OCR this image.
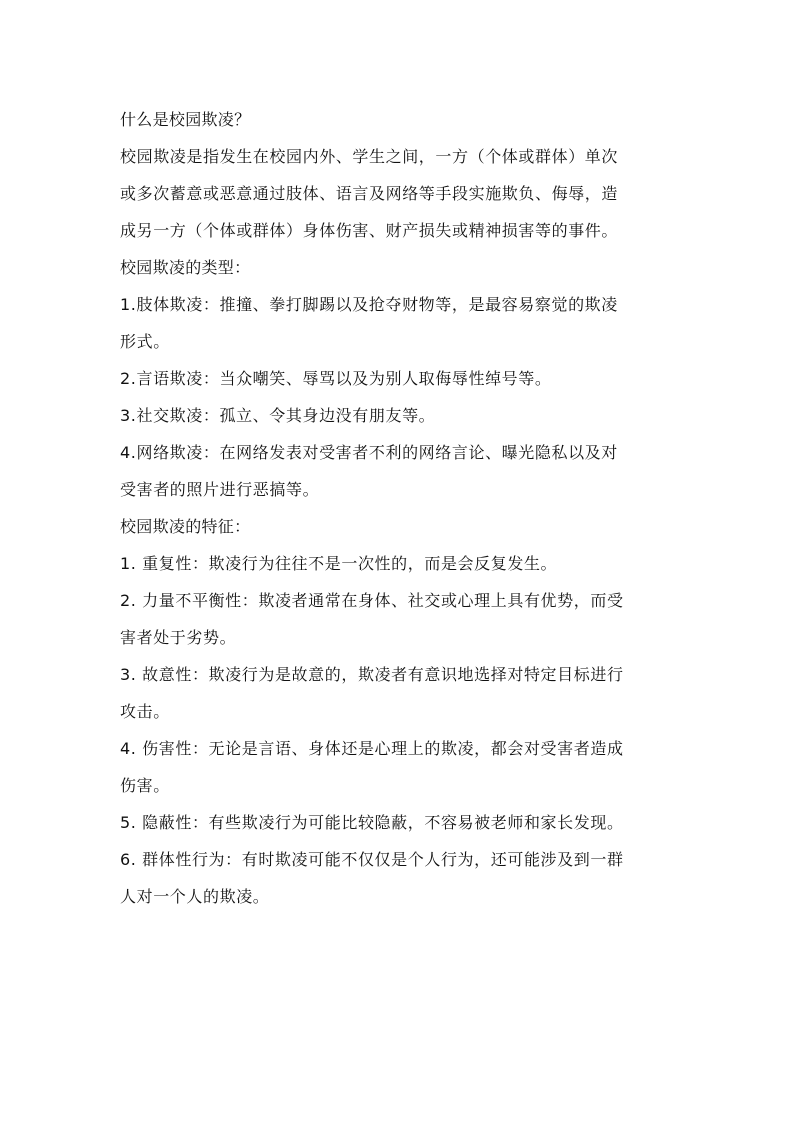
什么是校园欺凌？
校园欺凌是指发生在校园内外、学生之间，一方（个体或群体）单次
或多次蓄意或恶意通过肢体、语言及网络等手段实施欺负、侮辱，造
成另一方（个体或群体）身体伤害、财产损失或精神损害等的事件。
校园欺凌的类型：
1.肢体欺凌：推撞、拳打脚踢以及抢夺财物等，是最容易察觉的欺凌
形式。
2.言语欺凌：当众嘲笑、辱骂以及为别人取侮辱性绰号等。
3.社交欺凌：孤立、令其身边没有朋友等。
4.网络欺凌：在网络发表对受害者不利的网络言论、曝光隐私以及对
受害者的照片进行恶搞等。
校园欺凌的特征：
1. 重复性：欺凌行为往往不是一次性的，而是会反复发生。
2. 力量不平衡性：欺凌者通常在身体、社交或心理上具有优势，而受
害者处于劣势。
3. 故意性：欺凌行为是故意的，欺凌者有意识地选择对特定目标进行
攻击。
4. 伤害性：无论是言语、身体还是心理上的欺凌，都会对受害者造成
伤害。
5. 隐蔽性：有些欺凌行为可能比较隐蔽，不容易被老师和家长发现。
6. 群体性行为：有时欺凌可能不仅仅是个人行为，还可能涉及到一群
人对一个人的欺凌。
